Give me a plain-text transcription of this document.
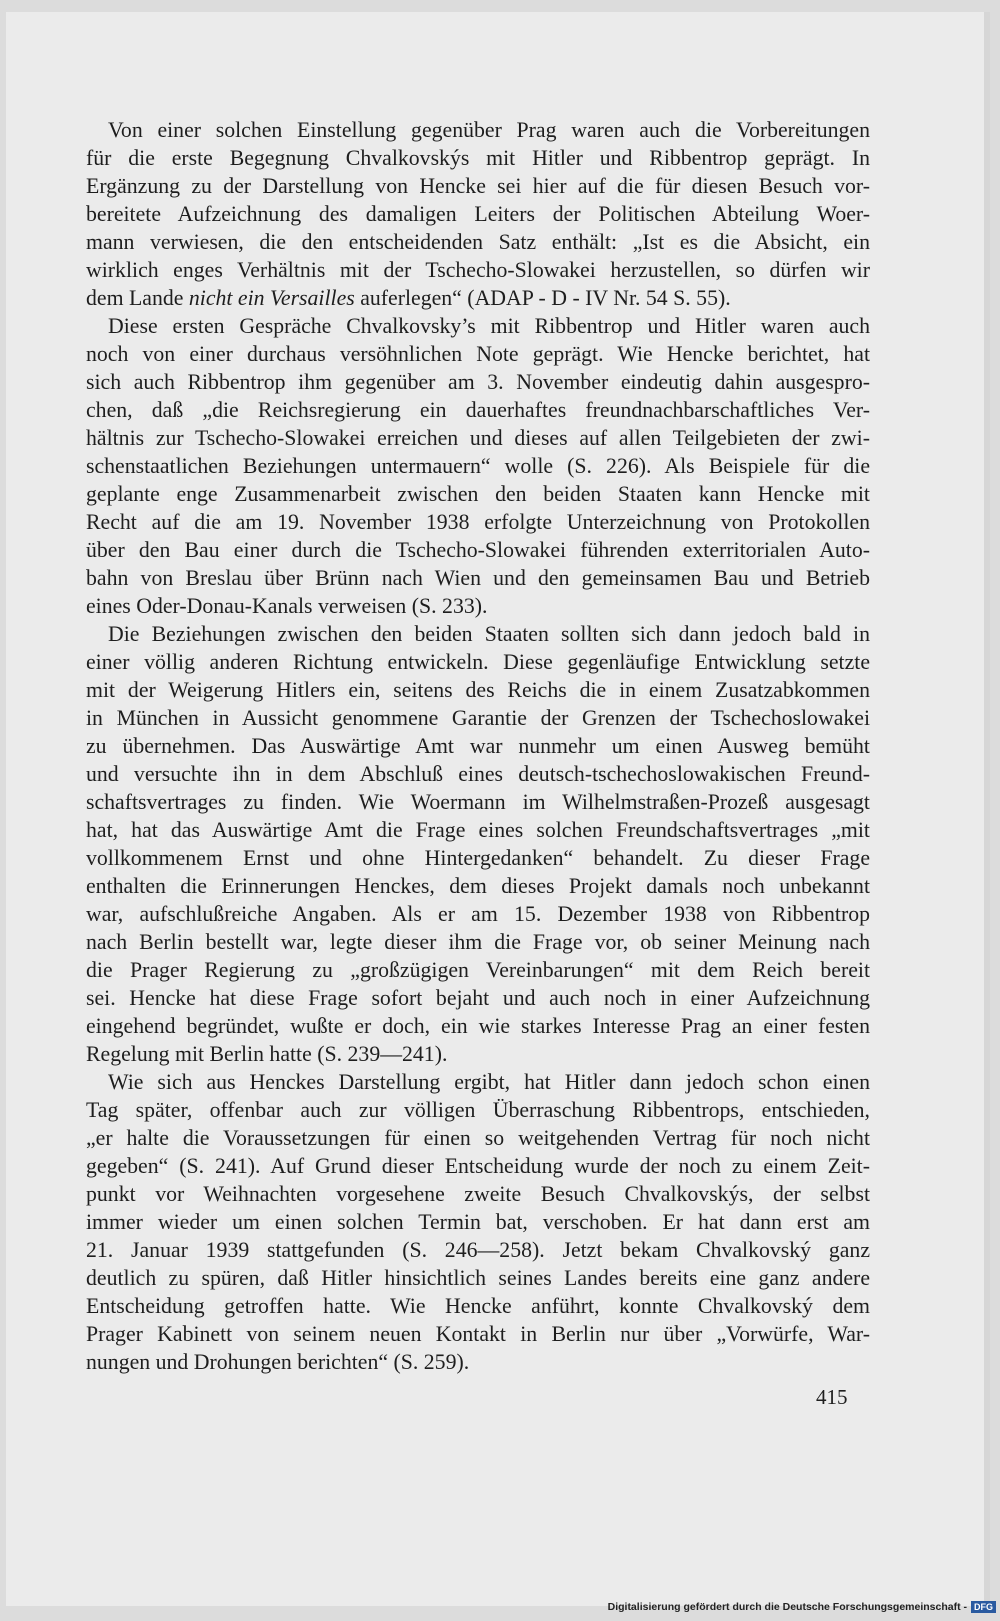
Von einer solchen Einstellung gegenüber Prag waren auch die Vorbereitungen
für die erste Begegnung Chvalkovskýs mit Hitler und Ribbentrop geprägt. In
Ergänzung zu der Darstellung von Hencke sei hier auf die für diesen Besuch vor-
bereitete Aufzeichnung des damaligen Leiters der Politischen Abteilung Woer-
mann verwiesen, die den entscheidenden Satz enthält: „Ist es die Absicht, ein
wirklich enges Verhältnis mit der Tschecho-Slowakei herzustellen, so dürfen wir
dem Lande nicht ein Versailles auferlegen“ (ADAP - D - IV Nr. 54 S. 55).
Diese ersten Gespräche Chvalkovsky’s mit Ribbentrop und Hitler waren auch
noch von einer durchaus versöhnlichen Note geprägt. Wie Hencke berichtet, hat
sich auch Ribbentrop ihm gegenüber am 3. November eindeutig dahin ausgespro-
chen, daß „die Reichsregierung ein dauerhaftes freundnachbarschaftliches Ver-
hältnis zur Tschecho-Slowakei erreichen und dieses auf allen Teilgebieten der zwi-
schenstaatlichen Beziehungen untermauern“ wolle (S. 226). Als Beispiele für die
geplante enge Zusammenarbeit zwischen den beiden Staaten kann Hencke mit
Recht auf die am 19. November 1938 erfolgte Unterzeichnung von Protokollen
über den Bau einer durch die Tschecho-Slowakei führenden exterritorialen Auto-
bahn von Breslau über Brünn nach Wien und den gemeinsamen Bau und Betrieb
eines Oder-Donau-Kanals verweisen (S. 233).
Die Beziehungen zwischen den beiden Staaten sollten sich dann jedoch bald in
einer völlig anderen Richtung entwickeln. Diese gegenläufige Entwicklung setzte
mit der Weigerung Hitlers ein, seitens des Reichs die in einem Zusatzabkommen
in München in Aussicht genommene Garantie der Grenzen der Tschechoslowakei
zu übernehmen. Das Auswärtige Amt war nunmehr um einen Ausweg bemüht
und versuchte ihn in dem Abschluß eines deutsch-tschechoslowakischen Freund-
schaftsvertrages zu finden. Wie Woermann im Wilhelmstraßen-Prozeß ausgesagt
hat, hat das Auswärtige Amt die Frage eines solchen Freundschaftsvertrages „mit
vollkommenem Ernst und ohne Hintergedanken“ behandelt. Zu dieser Frage
enthalten die Erinnerungen Henckes, dem dieses Projekt damals noch unbekannt
war, aufschlußreiche Angaben. Als er am 15. Dezember 1938 von Ribbentrop
nach Berlin bestellt war, legte dieser ihm die Frage vor, ob seiner Meinung nach
die Prager Regierung zu „großzügigen Vereinbarungen“ mit dem Reich bereit
sei. Hencke hat diese Frage sofort bejaht und auch noch in einer Aufzeichnung
eingehend begründet, wußte er doch, ein wie starkes Interesse Prag an einer festen
Regelung mit Berlin hatte (S. 239—241).
Wie sich aus Henckes Darstellung ergibt, hat Hitler dann jedoch schon einen
Tag später, offenbar auch zur völligen Überraschung Ribbentrops, entschieden,
„er halte die Voraussetzungen für einen so weitgehenden Vertrag für noch nicht
gegeben“ (S. 241). Auf Grund dieser Entscheidung wurde der noch zu einem Zeit-
punkt vor Weihnachten vorgesehene zweite Besuch Chvalkovskýs, der selbst
immer wieder um einen solchen Termin bat, verschoben. Er hat dann erst am
21. Januar 1939 stattgefunden (S. 246—258). Jetzt bekam Chvalkovský ganz
deutlich zu spüren, daß Hitler hinsichtlich seines Landes bereits eine ganz andere
Entscheidung getroffen hatte. Wie Hencke anführt, konnte Chvalkovský dem
Prager Kabinett von seinem neuen Kontakt in Berlin nur über „Vorwürfe, War-
nungen und Drohungen berichten“ (S. 259).
415
Digitalisierung gefördert durch die Deutsche Forschungsgemeinschaft - DFG
